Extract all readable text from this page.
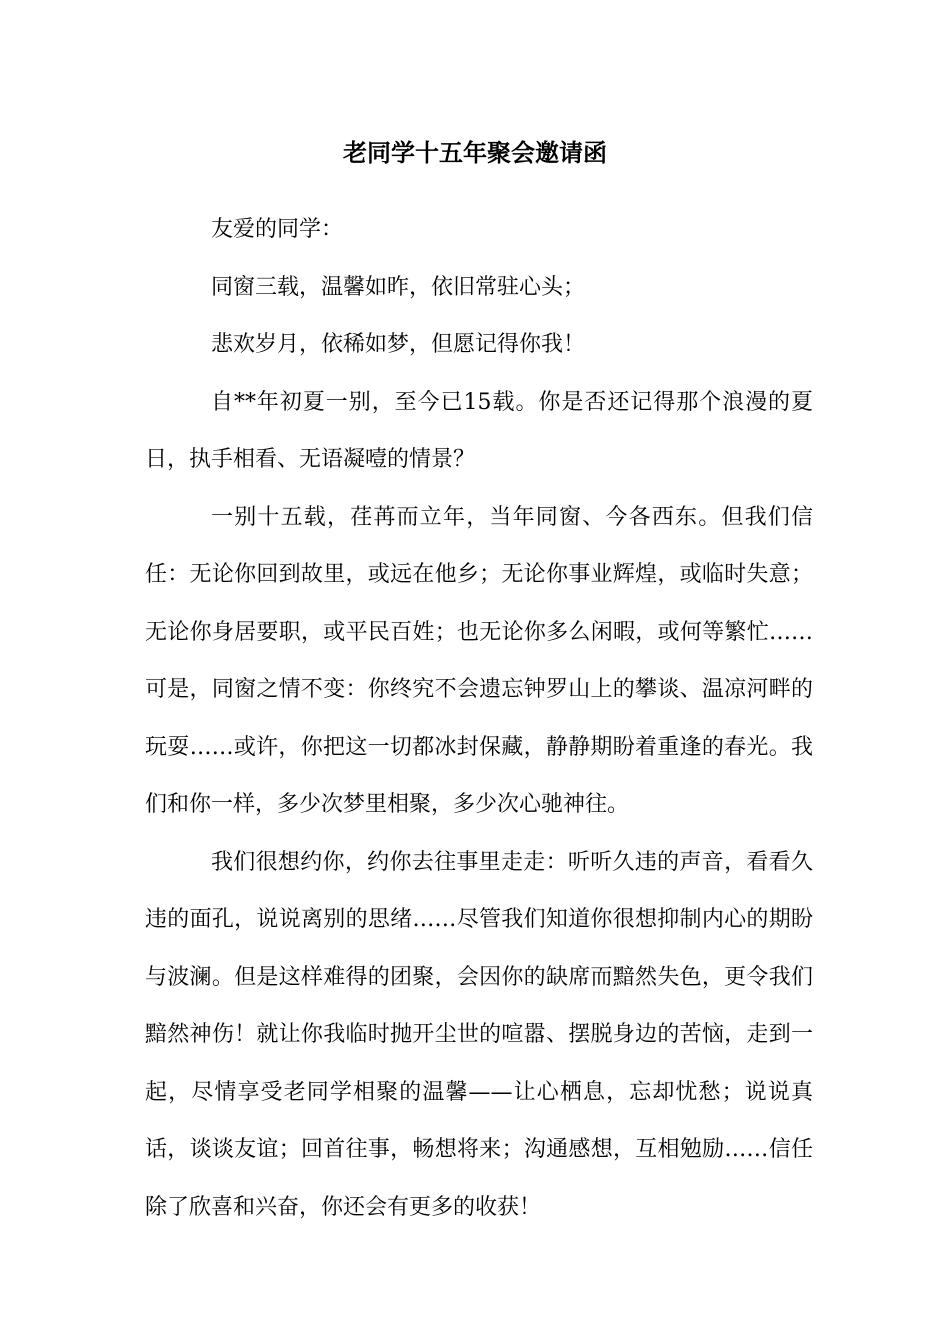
老同学十五年聚会邀请函

友爱的同学：

同窗三载，温馨如昨，依旧常驻心头；

悲欢岁月，依稀如梦，但愿记得你我！

自**年初夏一别，至今已15载。你是否还记得那个浪漫的夏日，执手相看、无语凝噎的情景？

一别十五载，荏苒而立年，当年同窗、今各西东。但我们信任：无论你回到故里，或远在他乡；无论你事业辉煌，或临时失意；无论你身居要职，或平民百姓；也无论你多么闲暇，或何等繁忙……可是，同窗之情不变：你终究不会遗忘钟罗山上的攀谈、温凉河畔的玩耍……或许，你把这一切都冰封保藏，静静期盼着重逢的春光。我们和你一样，多少次梦里相聚，多少次心驰神往。

我们很想约你，约你去往事里走走：听听久违的声音，看看久违的面孔，说说离别的思绪……尽管我们知道你很想抑制内心的期盼与波澜。但是这样难得的团聚，会因你的缺席而黯然失色，更令我们黯然神伤！就让你我临时抛开尘世的喧嚣、摆脱身边的苦恼，走到一起，尽情享受老同学相聚的温馨——让心栖息，忘却忧愁；说说真话，谈谈友谊；回首往事，畅想将来；沟通感想，互相勉励……信任除了欣喜和兴奋，你还会有更多的收获！
